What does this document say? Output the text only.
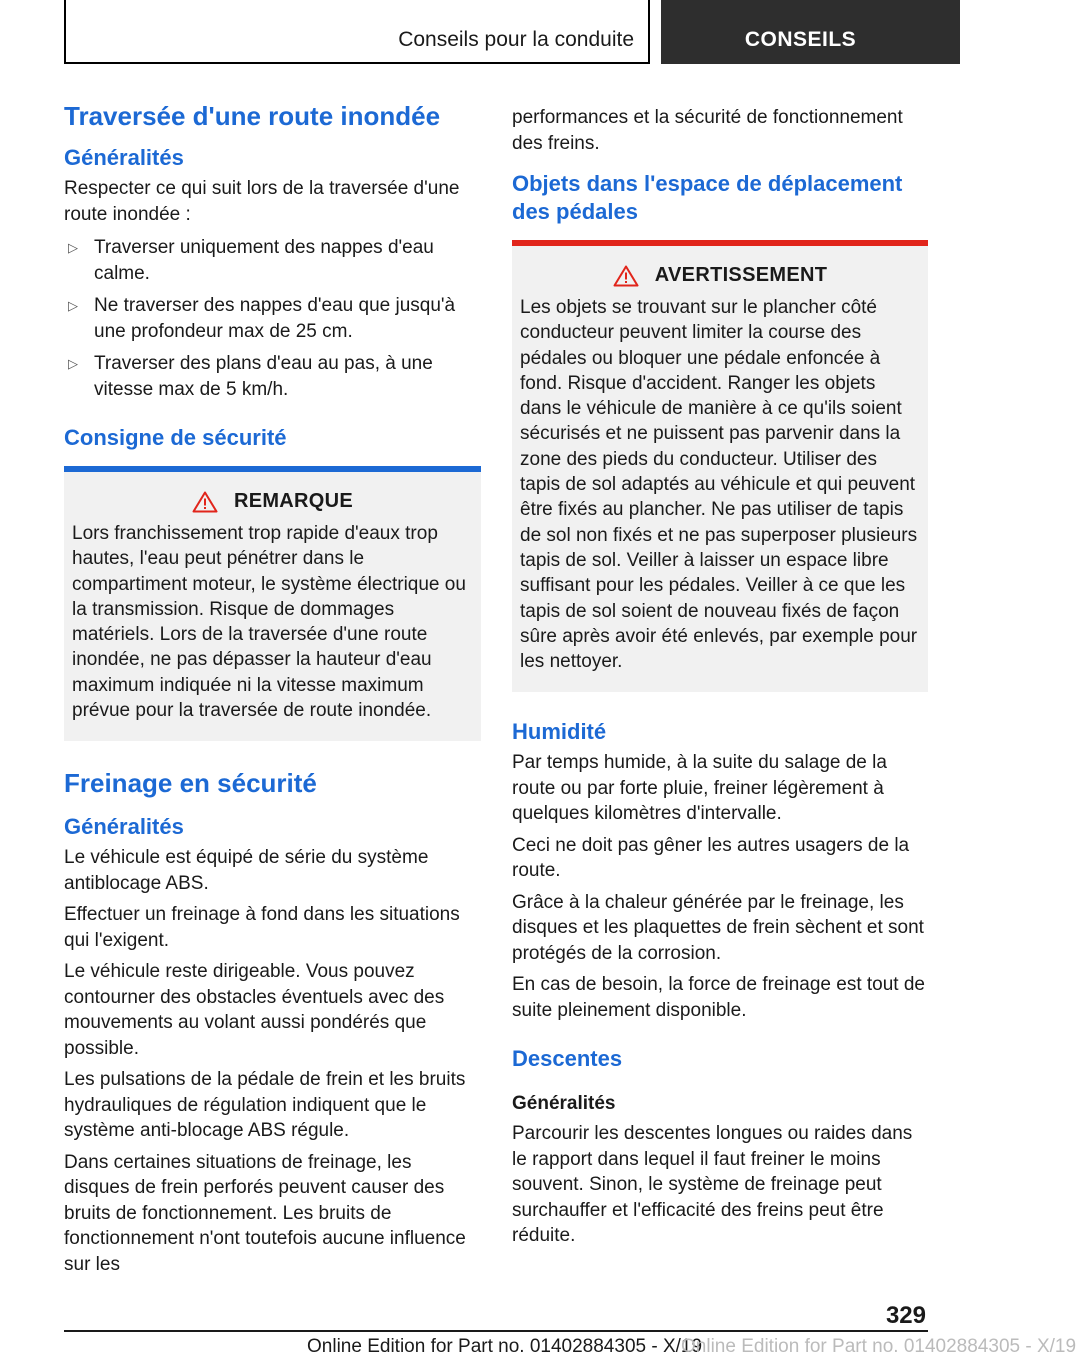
Conseils pour la conduite	CONSEILS
Traversée d'une route inondée
Généralités
Respecter ce qui suit lors de la traversée d'une route inondée :
▷ Traverser uniquement des nappes d'eau calme.
▷ Ne traverser des nappes d'eau que jusqu'à une profondeur max de 25 cm.
▷ Traverser des plans d'eau au pas, à une vitesse max de 5 km/h.
Consigne de sécurité
REMARQUE
Lors franchissement trop rapide d'eaux trop hautes, l'eau peut pénétrer dans le compartiment moteur, le système électrique ou la transmission. Risque de dommages matériels. Lors de la traversée d'une route inondée, ne pas dépasser la hauteur d'eau maximum indiquée ni la vitesse maximum prévue pour la traversée de route inondée.
Freinage en sécurité
Généralités
Le véhicule est équipé de série du système antiblocage ABS.
Effectuer un freinage à fond dans les situations qui l'exigent.
Le véhicule reste dirigeable. Vous pouvez contourner des obstacles éventuels avec des mouvements au volant aussi pondérés que possible.
Les pulsations de la pédale de frein et les bruits hydrauliques de régulation indiquent que le système anti-blocage ABS régule.
Dans certaines situations de freinage, les disques de frein perforés peuvent causer des bruits de fonctionnement. Les bruits de fonctionnement n'ont toutefois aucune influence sur les
performances et la sécurité de fonctionnement des freins.
Objets dans l'espace de déplacement des pédales
AVERTISSEMENT
Les objets se trouvant sur le plancher côté conducteur peuvent limiter la course des pédales ou bloquer une pédale enfoncée à fond. Risque d'accident. Ranger les objets dans le véhicule de manière à ce qu'ils soient sécurisés et ne puissent pas parvenir dans la zone des pieds du conducteur. Utiliser des tapis de sol adaptés au véhicule et qui peuvent être fixés au plancher. Ne pas utiliser de tapis de sol non fixés et ne pas superposer plusieurs tapis de sol. Veiller à laisser un espace libre suffisant pour les pédales. Veiller à ce que les tapis de sol soient de nouveau fixés de façon sûre après avoir été enlevés, par exemple pour les nettoyer.
Humidité
Par temps humide, à la suite du salage de la route ou par forte pluie, freiner légèrement à quelques kilomètres d'intervalle.
Ceci ne doit pas gêner les autres usagers de la route.
Grâce à la chaleur générée par le freinage, les disques et les plaquettes de frein sèchent et sont protégés de la corrosion.
En cas de besoin, la force de freinage est tout de suite pleinement disponible.
Descentes
Généralités
Parcourir les descentes longues ou raides dans le rapport dans lequel il faut freiner le moins souvent. Sinon, le système de freinage peut surchauffer et l'efficacité des freins peut être réduite.
329
Online Edition for Part no. 01402884305 - X/19
Online Edition for Part no. 01402884305 - X/19
